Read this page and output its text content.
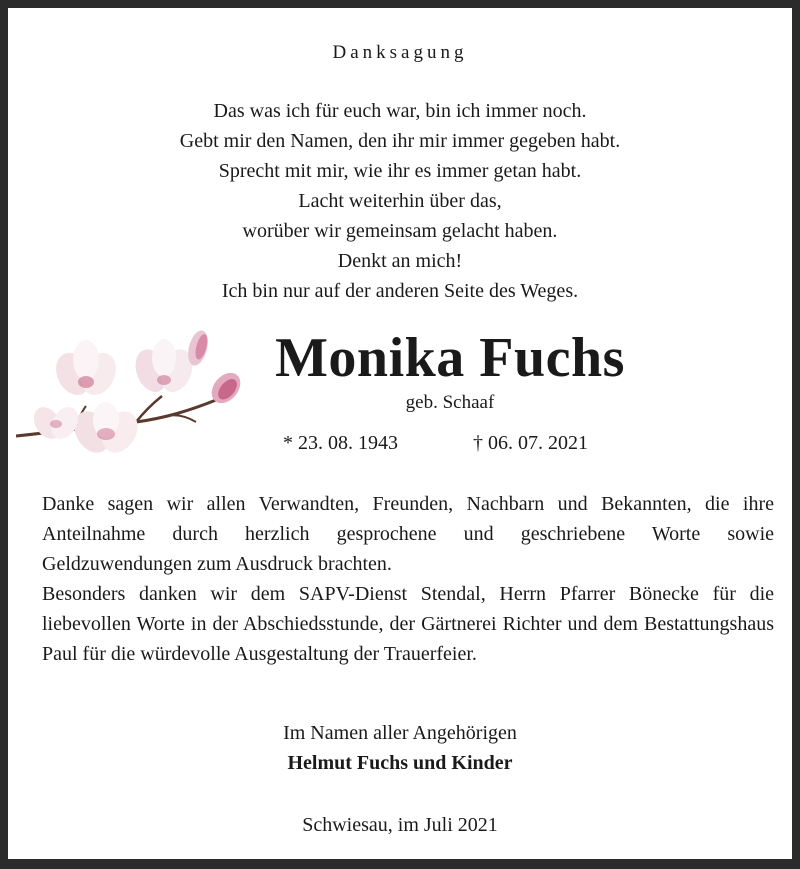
Danksagung
Das was ich für euch war, bin ich immer noch.
Gebt mir den Namen, den ihr mir immer gegeben habt.
Sprecht mit mir, wie ihr es immer getan habt.
Lacht weiterhin über das,
worüber wir gemeinsam gelacht haben.
Denkt an mich!
Ich bin nur auf der anderen Seite des Weges.
Monika Fuchs
geb. Schaaf
* 23. 08. 1943	† 06. 07. 2021

Danke sagen wir allen Verwandten, Freunden, Nachbarn und Bekannten, die ihre Anteilnahme durch herzlich gesprochene und geschriebene Worte sowie Geldzuwendungen zum Ausdruck brachten.

Besonders danken wir dem SAPV-Dienst Stendal, Herrn Pfarrer Bönecke für die liebevollen Worte in der Abschiedsstunde, der Gärtnerei Richter und dem Bestattungshaus Paul für die würdevolle Ausgestaltung der Trauerfeier.

Im Namen aller Angehörigen
Helmut Fuchs und Kinder
Schwiesau, im Juli 2021
